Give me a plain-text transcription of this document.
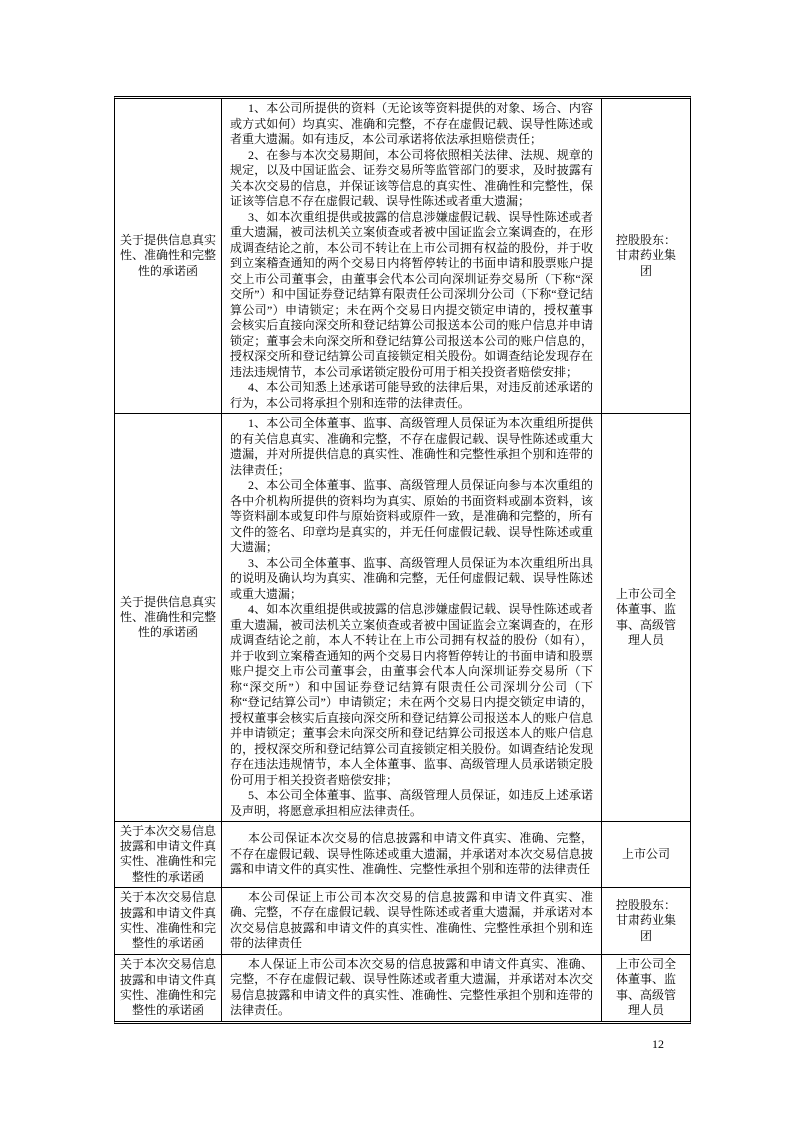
关于提供信息真实性、准确性和完整性的承诺函

1、本公司所提供的资料（无论该等资料提供的对象、场合、内容或方式如何）均真实、准确和完整，不存在虚假记载、误导性陈述或者重大遗漏。如有违反，本公司承诺将依法承担赔偿责任；

2、在参与本次交易期间，本公司将依照相关法律、法规、规章的规定，以及中国证监会、证券交易所等监管部门的要求，及时披露有关本次交易的信息，并保证该等信息的真实性、准确性和完整性，保证该等信息不存在虚假记载、误导性陈述或者重大遗漏；

3、如本次重组提供或披露的信息涉嫌虚假记载、误导性陈述或者重大遗漏，被司法机关立案侦查或者被中国证监会立案调查的，在形成调查结论之前，本公司不转让在上市公司拥有权益的股份，并于收到立案稽查通知的两个交易日内将暂停转让的书面申请和股票账户提交上市公司董事会，由董事会代本公司向深圳证券交易所（下称“深交所”）和中国证券登记结算有限责任公司深圳分公司（下称“登记结算公司”）申请锁定；未在两个交易日内提交锁定申请的，授权董事会核实后直接向深交所和登记结算公司报送本公司的账户信息并申请锁定；董事会未向深交所和登记结算公司报送本公司的账户信息的，授权深交所和登记结算公司直接锁定相关股份。如调查结论发现存在违法违规情节，本公司承诺锁定股份可用于相关投资者赔偿安排；

4、本公司知悉上述承诺可能导致的法律后果，对违反前述承诺的行为，本公司将承担个别和连带的法律责任。

控股股东：甘肃药业集团
关于提供信息真实性、准确性和完整性的承诺函

1、本公司全体董事、监事、高级管理人员保证为本次重组所提供的有关信息真实、准确和完整，不存在虚假记载、误导性陈述或重大遗漏，并对所提供信息的真实性、准确性和完整性承担个别和连带的法律责任；

2、本公司全体董事、监事、高级管理人员保证向参与本次重组的各中介机构所提供的资料均为真实、原始的书面资料或副本资料，该等资料副本或复印件与原始资料或原件一致，是准确和完整的，所有文件的签名、印章均是真实的，并无任何虚假记载、误导性陈述或重大遗漏；

3、本公司全体董事、监事、高级管理人员保证为本次重组所出具的说明及确认均为真实、准确和完整，无任何虚假记载、误导性陈述或重大遗漏；

4、如本次重组提供或披露的信息涉嫌虚假记载、误导性陈述或者重大遗漏，被司法机关立案侦查或者被中国证监会立案调查的，在形成调查结论之前，本人不转让在上市公司拥有权益的股份（如有），并于收到立案稽查通知的两个交易日内将暂停转让的书面申请和股票账户提交上市公司董事会，由董事会代本人向深圳证券交易所（下称“深交所”）和中国证券登记结算有限责任公司深圳分公司（下称“登记结算公司”）申请锁定；未在两个交易日内提交锁定申请的，授权董事会核实后直接向深交所和登记结算公司报送本人的账户信息并申请锁定；董事会未向深交所和登记结算公司报送本人的账户信息的，授权深交所和登记结算公司直接锁定相关股份。如调查结论发现存在违法违规情节，本人全体董事、监事、高级管理人员承诺锁定股份可用于相关投资者赔偿安排；

5、本公司全体董事、监事、高级管理人员保证，如违反上述承诺及声明，将愿意承担相应法律责任。

上市公司全体董事、监事、高级管理人员
关于本次交易信息披露和申请文件真实性、准确性和完整性的承诺函

本公司保证本次交易的信息披露和申请文件真实、准确、完整，不存在虚假记载、误导性陈述或重大遗漏，并承诺对本次交易信息披露和申请文件的真实性、准确性、完整性承担个别和连带的法律责任

上市公司
关于本次交易信息披露和申请文件真实性、准确性和完整性的承诺函

本公司保证上市公司本次交易的信息披露和申请文件真实、准确、完整，不存在虚假记载、误导性陈述或者重大遗漏，并承诺对本次交易信息披露和申请文件的真实性、准确性、完整性承担个别和连带的法律责任

控股股东：甘肃药业集团
关于本次交易信息披露和申请文件真实性、准确性和完整性的承诺函

本人保证上市公司本次交易的信息披露和申请文件真实、准确、完整，不存在虚假记载、误导性陈述或者重大遗漏，并承诺对本次交易信息披露和申请文件的真实性、准确性、完整性承担个别和连带的法律责任。

上市公司全体董事、监事、高级管理人员
12
